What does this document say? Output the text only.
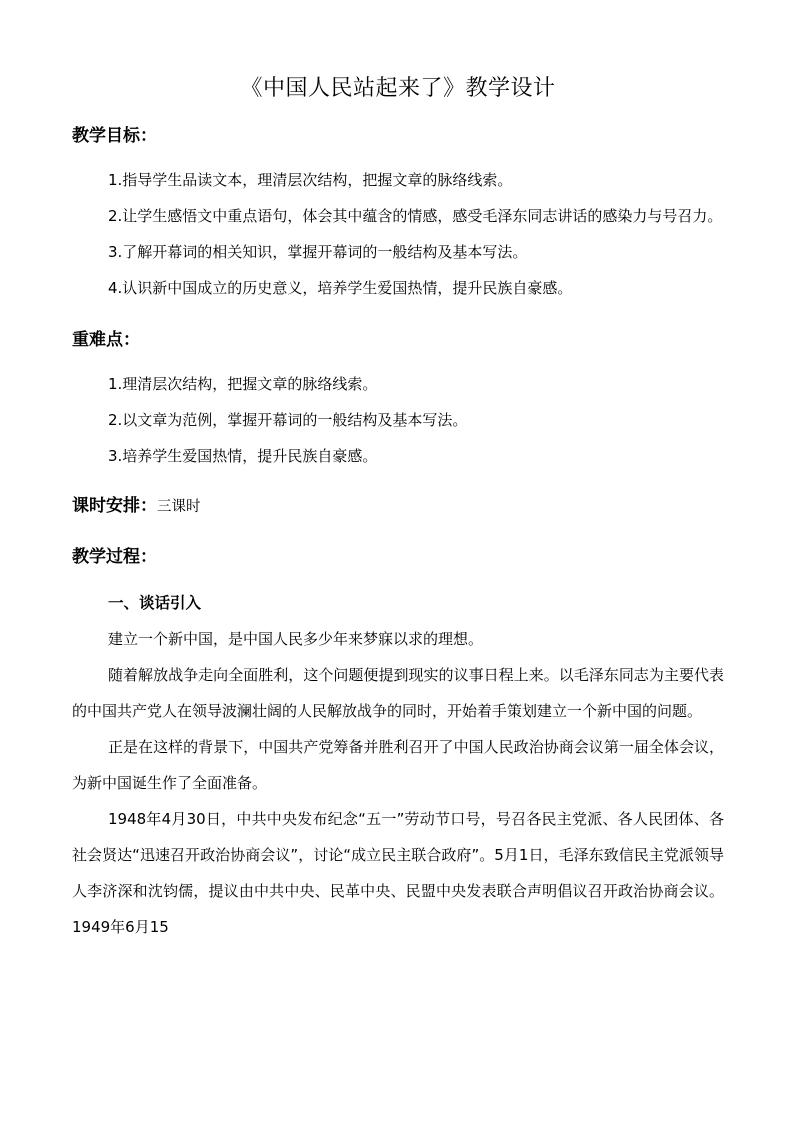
《中国人民站起来了》教学设计
教学目标：

1.指导学生品读文本，理清层次结构，把握文章的脉络线索。

2.让学生感悟文中重点语句，体会其中蕴含的情感，感受毛泽东同志讲话的感染力与号召力。

3.了解开幕词的相关知识，掌握开幕词的一般结构及基本写法。

4.认识新中国成立的历史意义，培养学生爱国热情，提升民族自豪感。

重难点：

1.理清层次结构，把握文章的脉络线索。

2.以文章为范例，掌握开幕词的一般结构及基本写法。

3.培养学生爱国热情，提升民族自豪感。

课时安排：三课时
教学过程：
一、谈话引入

建立一个新中国，是中国人民多少年来梦寐以求的理想。

随着解放战争走向全面胜利，这个问题便提到现实的议事日程上来。以毛泽东同志为主要代表的中国共产党人在领导波澜壮阔的人民解放战争的同时，开始着手策划建立一个新中国的问题。

正是在这样的背景下，中国共产党筹备并胜利召开了中国人民政治协商会议第一届全体会议，为新中国诞生作了全面准备。

1948年4月30日，中共中央发布纪念“五一”劳动节口号，号召各民主党派、各人民团体、各社会贤达“迅速召开政治协商会议”，讨论“成立民主联合政府”。5月1日，毛泽东致信民主党派领导人李济深和沈钧儒，提议由中共中央、民革中央、民盟中央发表联合声明倡议召开政治协商会议。1949年6月15
